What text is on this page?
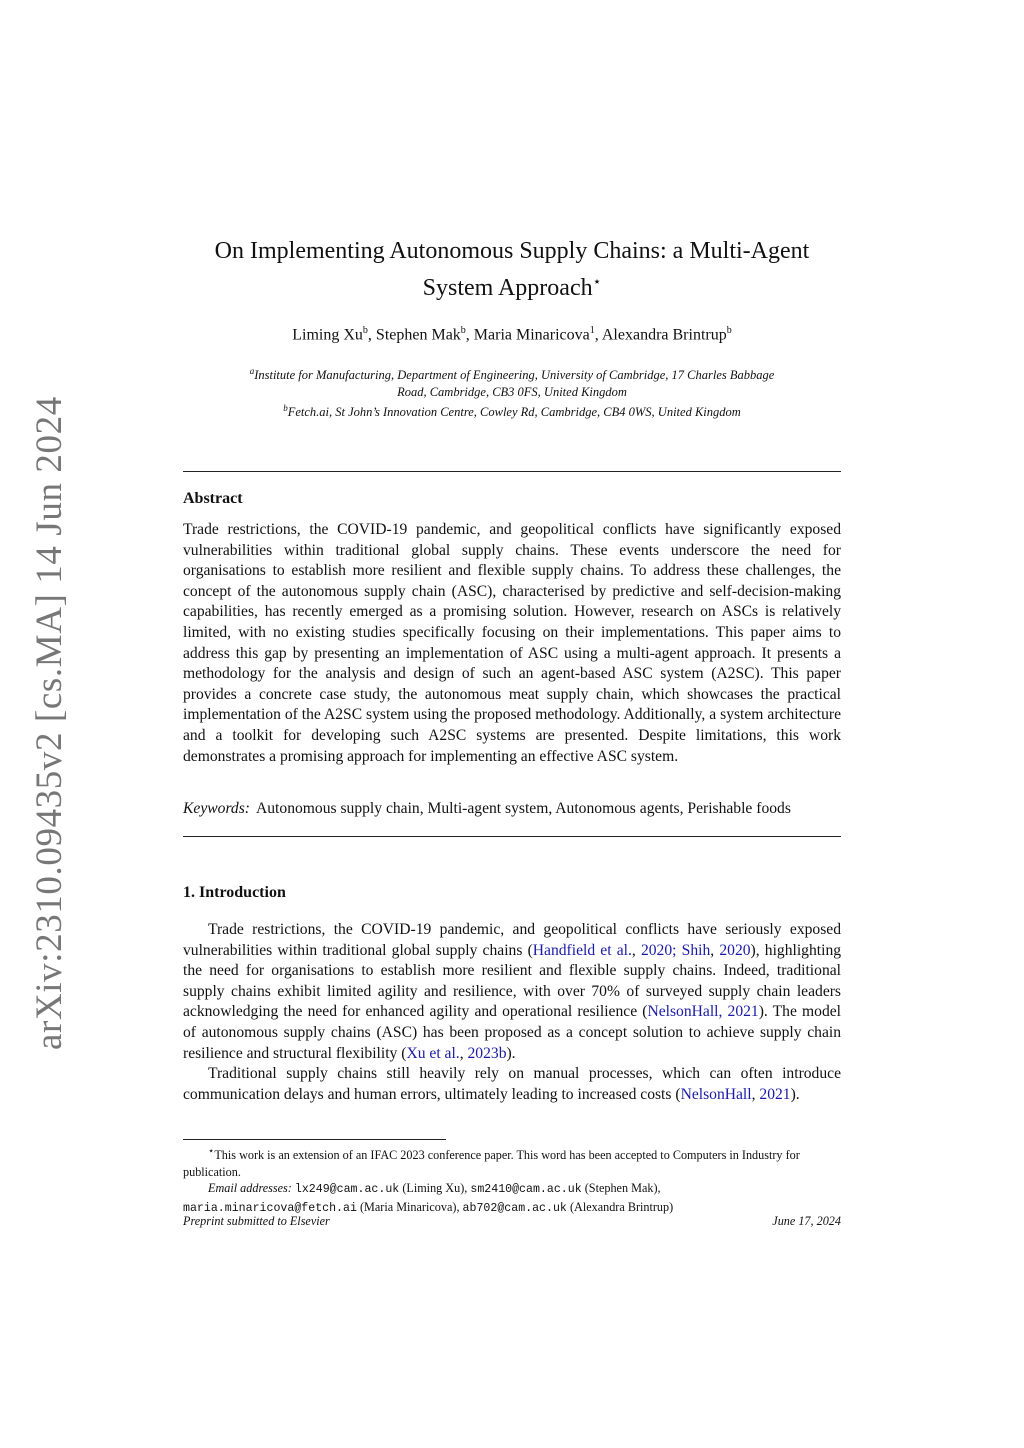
arXiv:2310.09435v2 [cs.MA] 14 Jun 2024
On Implementing Autonomous Supply Chains: a Multi-Agent
System Approach⋆
Liming Xu$^b$, Stephen Mak$^b$, Maria Minaricova$^1$, Alexandra Brintrup$^b$
$^a$Institute for Manufacturing, Department of Engineering, University of Cambridge, 17 Charles Babbage
Road, Cambridge, CB3 0FS, United Kingdom
$^b$Fetch.ai, St John’s Innovation Centre, Cowley Rd, Cambridge, CB4 0WS, United Kingdom
Abstract
Trade restrictions, the COVID-19 pandemic, and geopolitical conflicts have significantly exposed vulnerabilities within traditional global supply chains. These events underscore the need for organisations to establish more resilient and flexible supply chains. To address these challenges, the concept of the autonomous supply chain (ASC), characterised by predictive and self-decision-making capabilities, has recently emerged as a promising solution. However, research on ASCs is relatively limited, with no existing studies specifically focusing on their implementations. This paper aims to address this gap by presenting an implementation of ASC using a multi-agent approach. It presents a methodology for the analysis and design of such an agent-based ASC system (A2SC). This paper provides a concrete case study, the autonomous meat supply chain, which showcases the practical implementation of the A2SC system using the proposed methodology. Additionally, a system architecture and a toolkit for developing such A2SC systems are presented. Despite limitations, this work demonstrates a promising approach for implementing an effective ASC system.
Keywords: Autonomous supply chain, Multi-agent system, Autonomous agents, Perishable foods
1. Introduction

Trade restrictions, the COVID-19 pandemic, and geopolitical conflicts have seriously exposed vulnerabilities within traditional global supply chains (Handfield et al., 2020; Shih, 2020), highlighting the need for organisations to establish more resilient and flexible supply chains. Indeed, traditional supply chains exhibit limited agility and resilience, with over 70% of surveyed supply chain leaders acknowledging the need for enhanced agility and operational resilience (NelsonHall, 2021). The model of autonomous supply chains (ASC) has been proposed as a concept solution to achieve supply chain resilience and structural flexibility (Xu et al., 2023b).

Traditional supply chains still heavily rely on manual processes, which can often introduce communication delays and human errors, ultimately leading to increased costs (NelsonHall, 2021).

⋆This work is an extension of an IFAC 2023 conference paper. This word has been accepted to Computers in Industry for publication.

Email addresses: lx249@cam.ac.uk (Liming Xu), sm2410@cam.ac.uk (Stephen Mak),
maria.minaricova@fetch.ai (Maria Minaricova), ab702@cam.ac.uk (Alexandra Brintrup)

Preprint submitted to Elsevier	June 17, 2024
